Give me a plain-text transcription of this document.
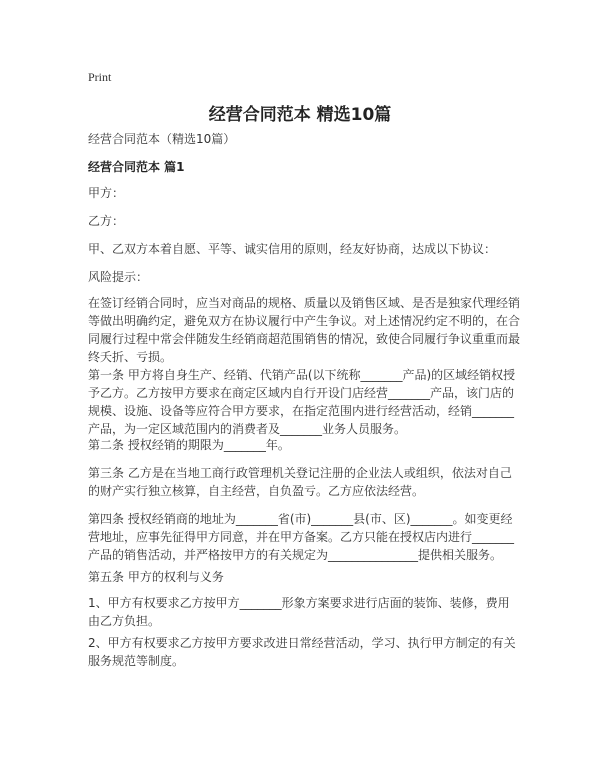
Print
经营合同范本 精选10篇
经营合同范本（精选10篇）
经营合同范本 篇1

甲方：

乙方：

甲、乙双方本着自愿、平等、诚实信用的原则，经友好协商，达成以下协议：

风险提示：

在签订经销合同时，应当对商品的规格、质量以及销售区域、是否是独家代理经销等做出明确约定，避免双方在协议履行中产生争议。对上述情况约定不明的，在合同履行过程中常会伴随发生经销商超范围销售的情况，致使合同履行争议重重而最终夭折、亏损。

第一条 甲方将自身生产、经销、代销产品(以下统称_______产品)的区域经销权授予乙方。乙方按甲方要求在商定区域内自行开设门店经营_______产品，该门店的规模、设施、设备等应符合甲方要求，在指定范围内进行经营活动，经销_______产品，为一定区域范围内的消费者及_______业务人员服务。

第二条 授权经销的期限为_______年。

第三条 乙方是在当地工商行政管理机关登记注册的企业法人或组织，依法对自己的财产实行独立核算，自主经营，自负盈亏。乙方应依法经营。

第四条 授权经销商的地址为_______省(市)_______县(市、区)_______。如变更经营地址，应事先征得甲方同意，并在甲方备案。乙方只能在授权店内进行_______产品的销售活动，并严格按甲方的有关规定为_______________提供相关服务。

第五条 甲方的权利与义务

1、甲方有权要求乙方按甲方_______形象方案要求进行店面的装饰、装修，费用由乙方负担。

2、甲方有权要求乙方按甲方要求改进日常经营活动，学习、执行甲方制定的有关服务规范等制度。
